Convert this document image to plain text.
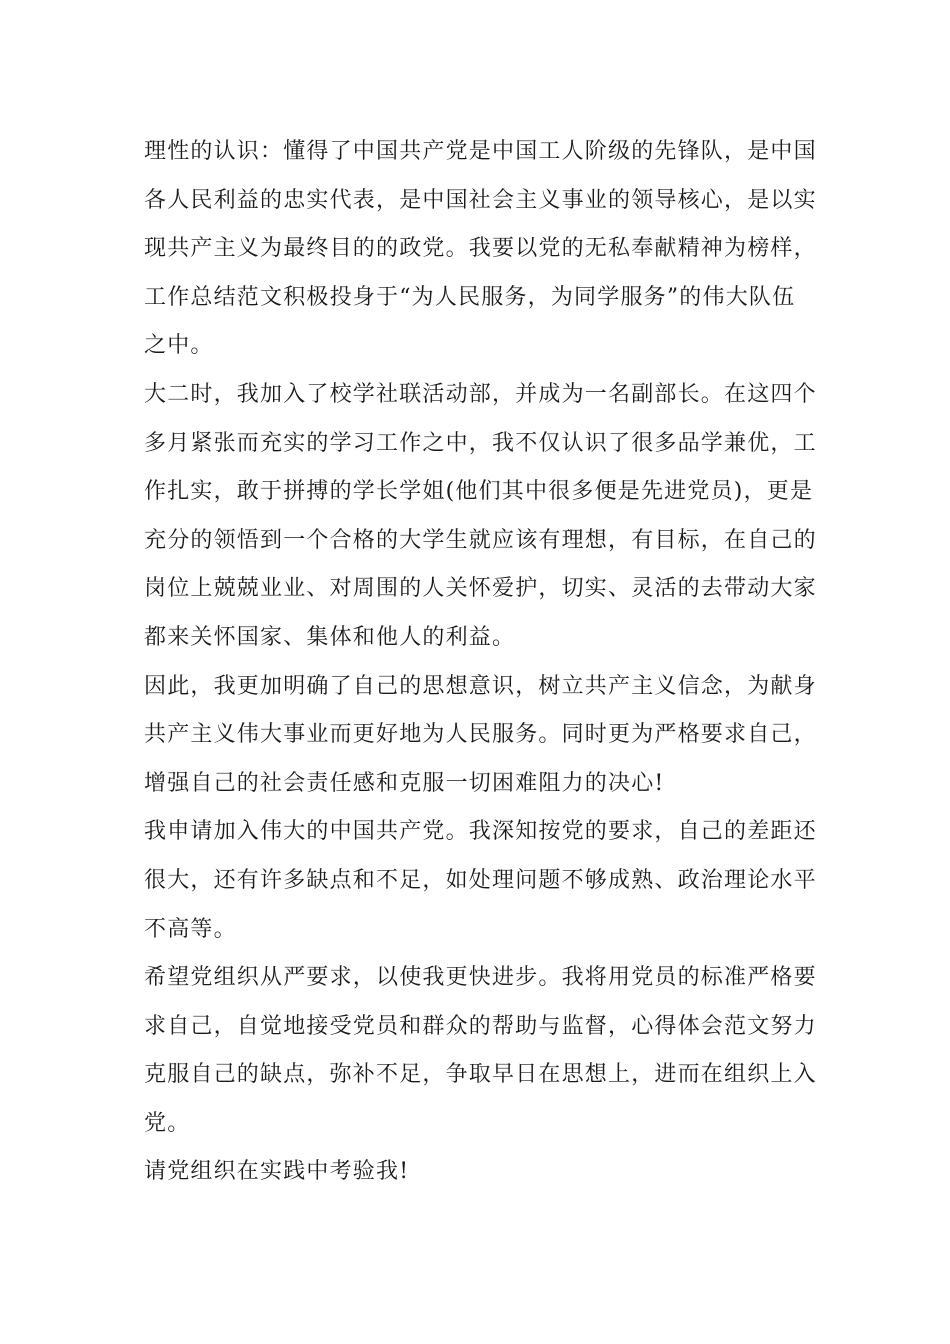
理性的认识：懂得了中国共产党是中国工人阶级的先锋队，是中国
各人民利益的忠实代表，是中国社会主义事业的领导核心，是以实
现共产主义为最终目的的政党。我要以党的无私奉献精神为榜样，
工作总结范文积极投身于“为人民服务，为同学服务”的伟大队伍
之中。
大二时，我加入了校学社联活动部，并成为一名副部长。在这四个
多月紧张而充实的学习工作之中，我不仅认识了很多品学兼优，工
作扎实，敢于拼搏的学长学姐(他们其中很多便是先进党员)，更是
充分的领悟到一个合格的大学生就应该有理想，有目标，在自己的
岗位上兢兢业业、对周围的人关怀爱护，切实、灵活的去带动大家
都来关怀国家、集体和他人的利益。
因此，我更加明确了自己的思想意识，树立共产主义信念，为献身
共产主义伟大事业而更好地为人民服务。同时更为严格要求自己，
增强自己的社会责任感和克服一切困难阻力的决心!
我申请加入伟大的中国共产党。我深知按党的要求，自己的差距还
很大，还有许多缺点和不足，如处理问题不够成熟、政治理论水平
不高等。
希望党组织从严要求，以使我更快进步。我将用党员的标准严格要
求自己，自觉地接受党员和群众的帮助与监督，心得体会范文努力
克服自己的缺点，弥补不足，争取早日在思想上，进而在组织上入
党。
请党组织在实践中考验我!
